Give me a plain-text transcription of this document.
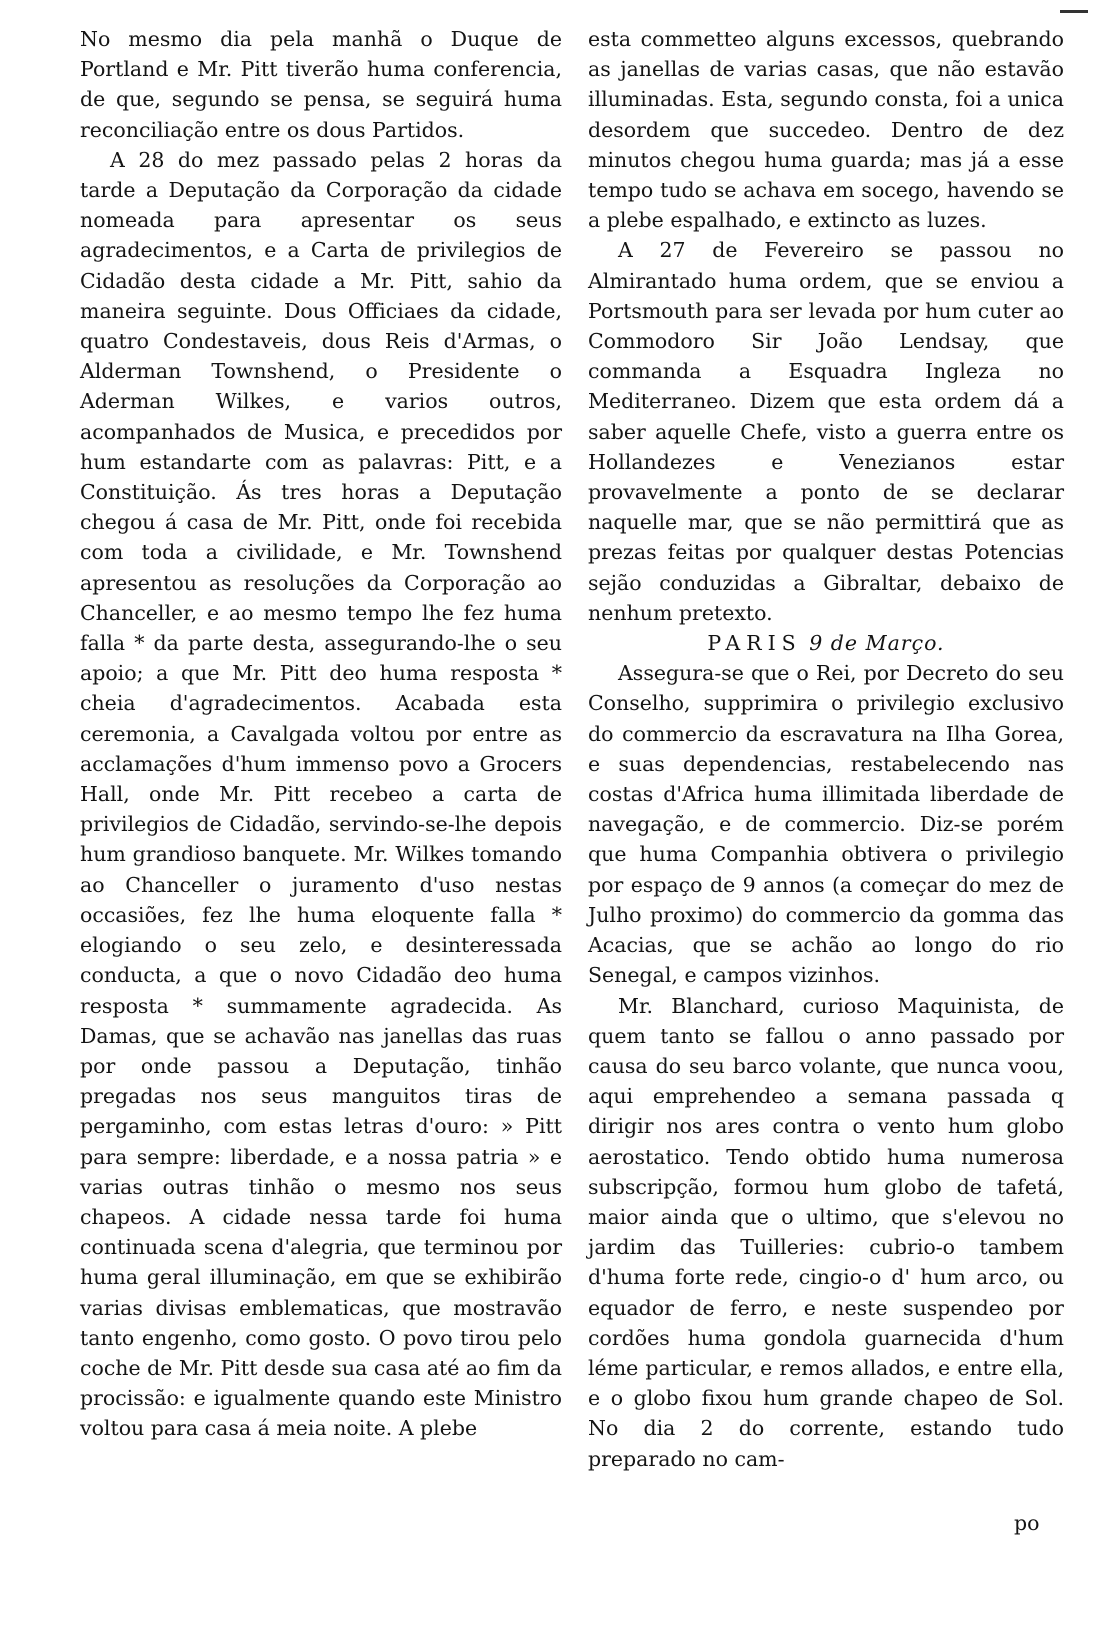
No mesmo dia pela manhã o Duque de Portland e Mr. Pitt tiverão huma conferencia, de que, segundo se pensa, se seguirá huma reconciliação entre os dous Partidos.

A 28 do mez passado pelas 2 horas da tarde a Deputação da Corporação da cidade nomeada para apresentar os seus agradecimentos, e a Carta de privilegios de Cidadão desta cidade a Mr. Pitt, sahio da maneira seguinte. Dous Officiaes da cidade, quatro Condestaveis, dous Reis d'Armas, o Alderman Townshend, o Presidente o Aderman Wilkes, e varios outros, acompanhados de Musica, e precedidos por hum estandarte com as palavras: Pitt, e a Constituição. Ás tres horas a Deputação chegou á casa de Mr. Pitt, onde foi recebida com toda a civilidade, e Mr. Townshend apresentou as resoluções da Corporação ao Chanceller, e ao mesmo tempo lhe fez huma falla * da parte desta, assegurando-lhe o seu apoio; a que Mr. Pitt deo huma resposta * cheia d'agradecimentos. Acabada esta ceremonia, a Cavalgada voltou por entre as acclamações d'hum immenso povo a Grocers Hall, onde Mr. Pitt recebeo a carta de privilegios de Cidadão, servindo-se-lhe depois hum grandioso banquete. Mr. Wilkes tomando ao Chanceller o juramento d'uso nestas occasiões, fez lhe huma eloquente falla * elogiando o seu zelo, e desinteressada conducta, a que o novo Cidadão deo huma resposta * summamente agradecida. As Damas, que se achavão nas janellas das ruas por onde passou a Deputação, tinhão pregadas nos seus manguitos tiras de pergaminho, com estas letras d'ouro: » Pitt para sempre: liberdade, e a nossa patria » e varias outras tinhão o mesmo nos seus chapeos. A cidade nessa tarde foi huma continuada scena d'alegria, que terminou por huma geral illuminação, em que se exhibirão varias divisas emblematicas, que mostravão tanto engenho, como gosto. O povo tirou pelo coche de Mr. Pitt desde sua casa até ao fim da procissão: e igualmente quando este Ministro voltou para casa á meia noite. A plebe

esta commetteo alguns excessos, quebrando as janellas de varias casas, que não estavão illuminadas. Esta, segundo consta, foi a unica desordem que succedeo. Dentro de dez minutos chegou huma guarda; mas já a esse tempo tudo se achava em socego, havendo se a plebe espalhado, e extincto as luzes.

A 27 de Fevereiro se passou no Almirantado huma ordem, que se enviou a Portsmouth para ser levada por hum cuter ao Commodoro Sir João Lendsay, que commanda a Esquadra Ingleza no Mediterraneo. Dizem que esta ordem dá a saber aquelle Chefe, visto a guerra entre os Hollandezes e Venezianos estar provavelmente a ponto de se declarar naquelle mar, que se não permittirá que as prezas feitas por qualquer destas Potencias sejão conduzidas a Gibraltar, debaixo de nenhum pretexto.

PARIS 9 de Março.

Assegura-se que o Rei, por Decreto do seu Conselho, supprimira o privilegio exclusivo do commercio da escravatura na Ilha Gorea, e suas dependencias, restabelecendo nas costas d'Africa huma illimitada liberdade de navegação, e de commercio. Diz-se porém que huma Companhia obtivera o privilegio por espaço de 9 annos (a começar do mez de Julho proximo) do commercio da gomma das Acacias, que se achão ao longo do rio Senegal, e campos vizinhos.

Mr. Blanchard, curioso Maquinista, de quem tanto se fallou o anno passado por causa do seu barco volante, que nunca voou, aqui emprehendeo a semana passada q dirigir nos ares contra o vento hum globo aerostatico. Tendo obtido huma numerosa subscripção, formou hum globo de tafetá, maior ainda que o ultimo, que s'elevou no jardim das Tuilleries: cubrio-o tambem d'huma forte rede, cingio-o d' hum arco, ou equador de ferro, e neste suspendeo por cordões huma gondola guarnecida d'hum léme particular, e remos allados, e entre ella, e o globo fixou hum grande chapeo de Sol. No dia 2 do corrente, estando tudo preparado no cam-

po
